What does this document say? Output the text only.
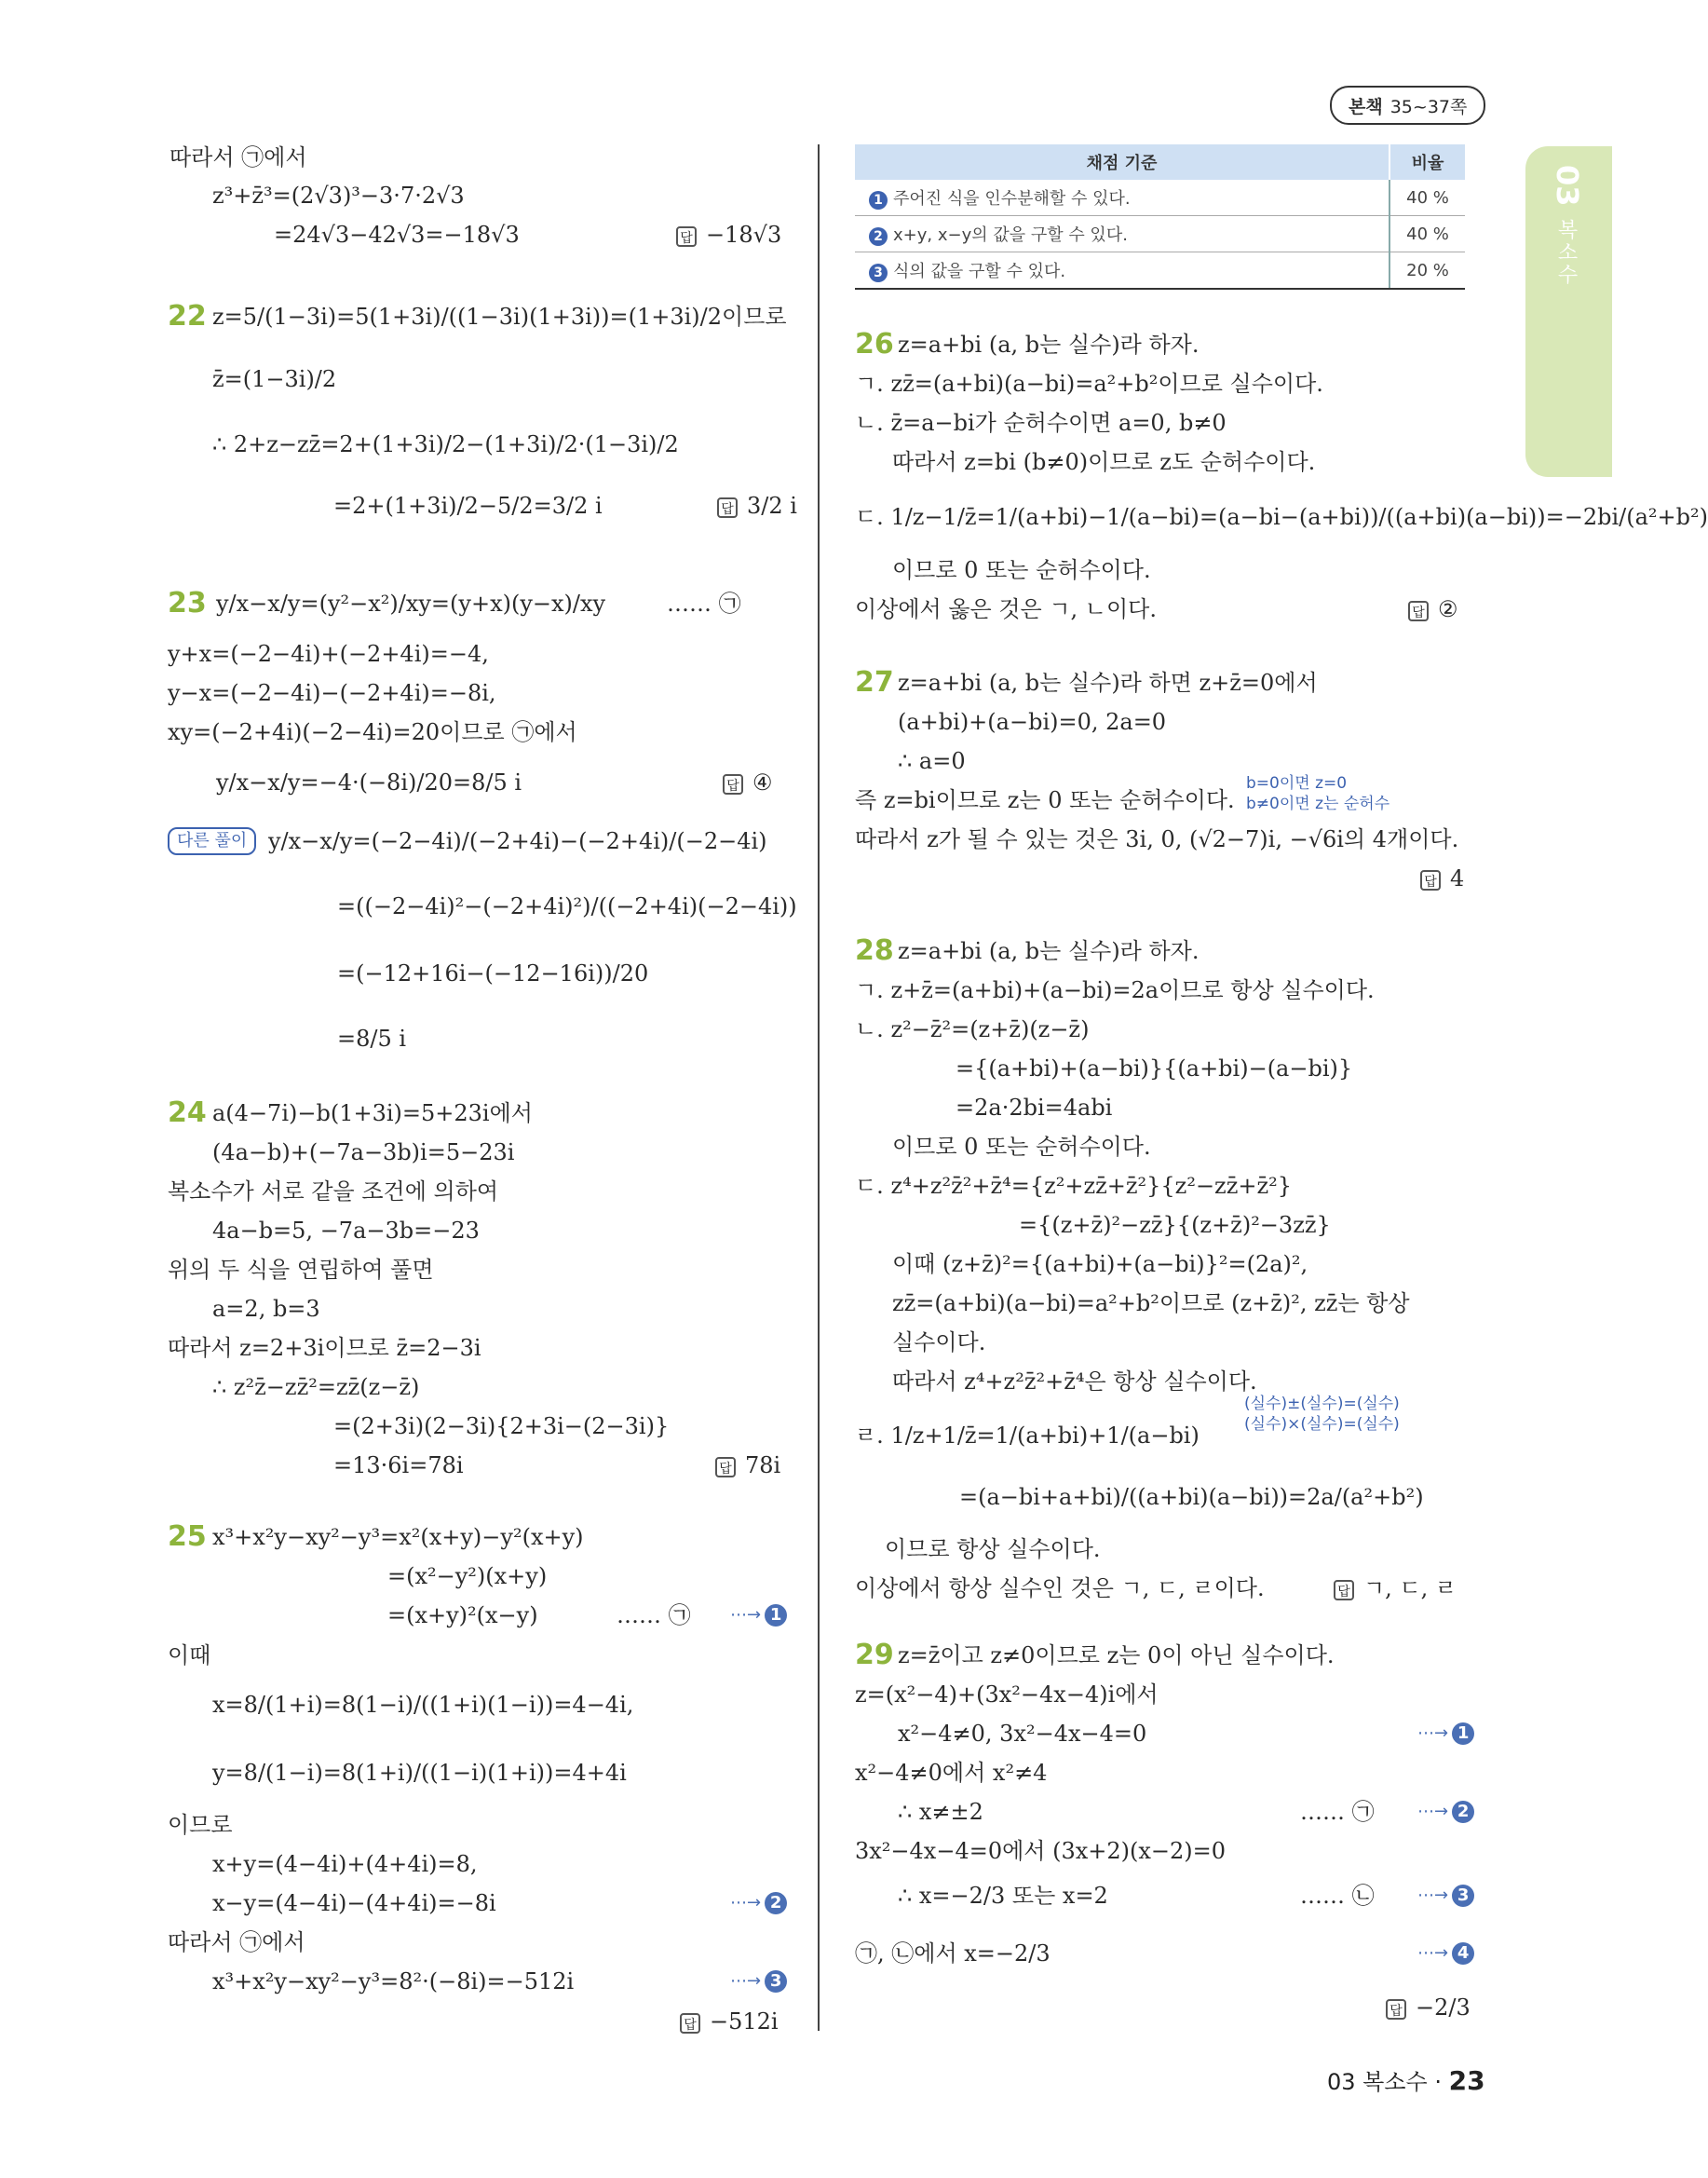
본책 35~37쪽
03
복소수
따라서 ㉠에서
z³+z̄³=(2√3)³−3·7·2√3
=24√3−42√3=−18√3	답 −18√3
22 z=5/(1−3i)=5(1+3i)/((1−3i)(1+3i))=(1+3i)/2이므로
z̄=(1−3i)/2
∴ 2+z−zz̄=2+(1+3i)/2−(1+3i)/2·(1−3i)/2
=2+(1+3i)/2−5/2=3/2 i	답 3/2 i
23 y/x−x/y=(y²−x²)/xy=(y+x)(y−x)/xy	…… ㉠
y+x=(−2−4i)+(−2+4i)=−4,
y−x=(−2−4i)−(−2+4i)=−8i,
xy=(−2+4i)(−2−4i)=20이므로 ㉠에서
y/x−x/y=−4·(−8i)/20=8/5 i	답 ④
다른 풀이 y/x−x/y=(−2−4i)/(−2+4i)−(−2+4i)/(−2−4i)
=((−2−4i)²−(−2+4i)²)/((−2+4i)(−2−4i))
=(−12+16i−(−12−16i))/20
=8/5 i
24 a(4−7i)−b(1+3i)=5+23i에서
(4a−b)+(−7a−3b)i=5−23i
복소수가 서로 같을 조건에 의하여
4a−b=5, −7a−3b=−23
위의 두 식을 연립하여 풀면
a=2, b=3
따라서 z=2+3i이므로 z̄=2−3i
∴ z²z̄−zz̄²=zz̄(z−z̄)
=(2+3i)(2−3i){2+3i−(2−3i)}
=13·6i=78i	답 78i
25 x³+x²y−xy²−y³=x²(x+y)−y²(x+y)
=(x²−y²)(x+y)
=(x+y)²(x−y)	…… ㉠ ⋯→ 1
이때
x=8/(1+i)=8(1−i)/((1+i)(1−i))=4−4i,
y=8/(1−i)=8(1+i)/((1−i)(1+i))=4+4i
이므로
x+y=(4−4i)+(4+4i)=8,
x−y=(4−4i)−(4+4i)=−8i	⋯→ 2
따라서 ㉠에서
x³+x²y−xy²−y³=8²·(−8i)=−512i	⋯→ 3
답 −512i
채점 기준	비율
1 주어진 식을 인수분해할 수 있다.	40 %
2 x+y, x−y의 값을 구할 수 있다.	40 %
3 식의 값을 구할 수 있다.	20 %
26 z=a+bi (a, b는 실수)라 하자.
ㄱ. zz̄=(a+bi)(a−bi)=a²+b²이므로 실수이다.
ㄴ. z̄=a−bi가 순허수이면 a=0, b≠0
따라서 z=bi (b≠0)이므로 z도 순허수이다.
ㄷ. 1/z−1/z̄=1/(a+bi)−1/(a−bi)=(a−bi−(a+bi))/((a+bi)(a−bi))=−2bi/(a²+b²)
이므로 0 또는 순허수이다.
이상에서 옳은 것은 ㄱ, ㄴ이다.	답 ②
27 z=a+bi (a, b는 실수)라 하면 z+z̄=0에서
(a+bi)+(a−bi)=0, 2a=0
∴ a=0
즉 z=bi이므로 z는 0 또는 순허수이다.
b=0이면 z=0
b≠0이면 z는 순허수
따라서 z가 될 수 있는 것은 3i, 0, (√2−7)i, −√6i의 4개이다.
답 4
28 z=a+bi (a, b는 실수)라 하자.
ㄱ. z+z̄=(a+bi)+(a−bi)=2a이므로 항상 실수이다.
ㄴ. z²−z̄²=(z+z̄)(z−z̄)
={(a+bi)+(a−bi)}{(a+bi)−(a−bi)}
=2a·2bi=4abi
이므로 0 또는 순허수이다.
ㄷ. z⁴+z²z̄²+z̄⁴={z²+zz̄+z̄²}{z²−zz̄+z̄²}
={(z+z̄)²−zz̄}{(z+z̄)²−3zz̄}
이때 (z+z̄)²={(a+bi)+(a−bi)}²=(2a)²,
zz̄=(a+bi)(a−bi)=a²+b²이므로 (z+z̄)², zz̄는 항상
실수이다.
따라서 z⁴+z²z̄²+z̄⁴은 항상 실수이다.
(실수)±(실수)=(실수)
(실수)×(실수)=(실수)
ㄹ. 1/z+1/z̄=1/(a+bi)+1/(a−bi)
=(a−bi+a+bi)/((a+bi)(a−bi))=2a/(a²+b²)
이므로 항상 실수이다.
이상에서 항상 실수인 것은 ㄱ, ㄷ, ㄹ이다.	답 ㄱ, ㄷ, ㄹ
29 z=z̄이고 z≠0이므로 z는 0이 아닌 실수이다.
z=(x²−4)+(3x²−4x−4)i에서
x²−4≠0, 3x²−4x−4=0	⋯→ 1
x²−4≠0에서 x²≠4
∴ x≠±2	…… ㉠	⋯→ 2
3x²−4x−4=0에서 (3x+2)(x−2)=0
∴ x=−2/3 또는 x=2	…… ㉡	⋯→ 3
㉠, ㉡에서 x=−2/3	⋯→ 4
답 −2/3
03 복소수 · 23
